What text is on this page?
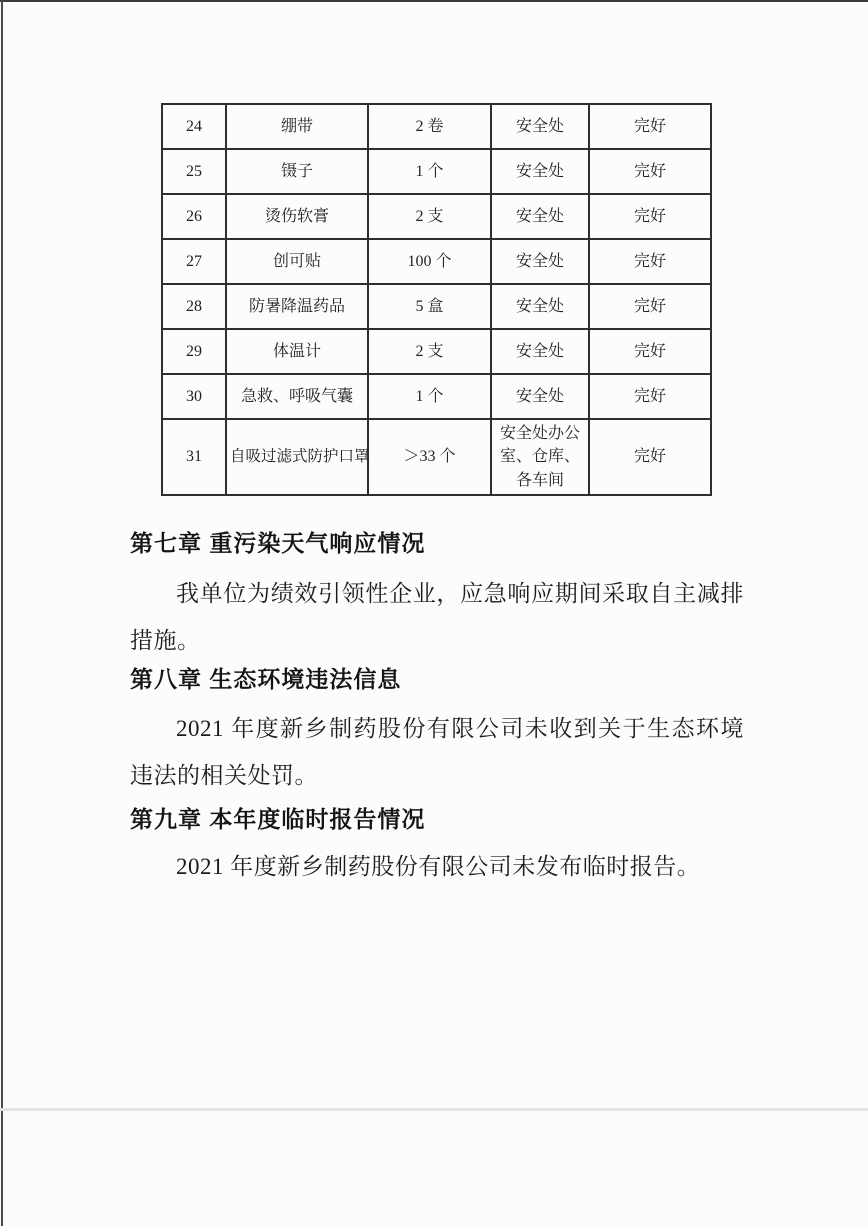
24	绷带	2 卷	安全处	完好
25	镊子	1 个	安全处	完好
26	烫伤软膏	2 支	安全处	完好
27	创可贴	100 个	安全处	完好
28	防暑降温药品	5 盒	安全处	完好
29	体温计	2 支	安全处	完好
30	急救、呼吸气囊	1 个	安全处	完好
31	自吸过滤式防护口罩	＞33 个	安全处办公室、仓库、各车间	完好
第七章 重污染天气响应情况

我单位为绩效引领性企业，应急响应期间采取自主减排措施。

第八章 生态环境违法信息

2021 年度新乡制药股份有限公司未收到关于生态环境违法的相关处罚。

第九章 本年度临时报告情况

2021 年度新乡制药股份有限公司未发布临时报告。
